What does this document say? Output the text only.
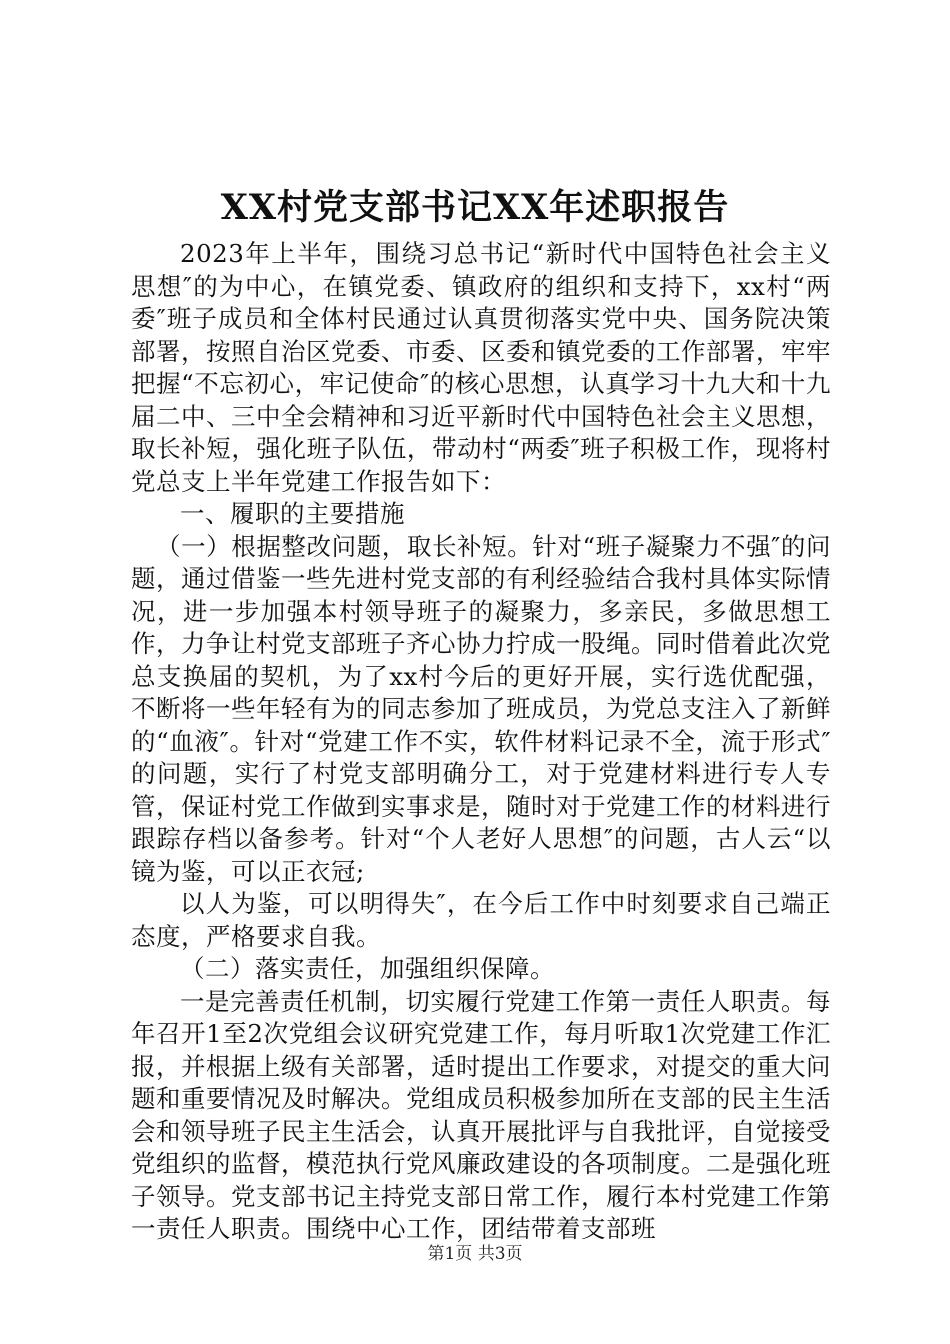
XX村党支部书记XX年述职报告

2023年上半年，围绕习总书记“新时代中国特色社会主义思想″的为中心，在镇党委、镇政府的组织和支持下，xx村“两委″班子成员和全体村民通过认真贯彻落实党中央、国务院决策部署，按照自治区党委、市委、区委和镇党委的工作部署，牢牢把握“不忘初心，牢记使命″的核心思想，认真学习十九大和十九届二中、三中全会精神和习近平新时代中国特色社会主义思想，取长补短，强化班子队伍，带动村“两委″班子积极工作，现将村党总支上半年党建工作报告如下：

一、履职的主要措施

（一）根据整改问题，取长补短。针对“班子凝聚力不强″的问题，通过借鉴一些先进村党支部的有利经验结合我村具体实际情况，进一步加强本村领导班子的凝聚力，多亲民，多做思想工作，力争让村党支部班子齐心协力拧成一股绳。同时借着此次党总支换届的契机，为了xx村今后的更好开展，实行选优配强，不断将一些年轻有为的同志参加了班成员，为党总支注入了新鲜的“血液″。针对“党建工作不实，软件材料记录不全，流于形式″的问题，实行了村党支部明确分工，对于党建材料进行专人专管，保证村党工作做到实事求是，随时对于党建工作的材料进行跟踪存档以备参考。针对“个人老好人思想″的问题，古人云“以镜为鉴，可以正衣冠;

以人为鉴，可以明得失″，在今后工作中时刻要求自己端正态度，严格要求自我。

（二）落实责任，加强组织保障。

一是完善责任机制，切实履行党建工作第一责任人职责。每年召开1至2次党组会议研究党建工作，每月听取1次党建工作汇报，并根据上级有关部署，适时提出工作要求，对提交的重大问题和重要情况及时解决。党组成员积极参加所在支部的民主生活会和领导班子民主生活会，认真开展批评与自我批评，自觉接受党组织的监督，模范执行党风廉政建设的各项制度。二是强化班子领导。党支部书记主持党支部日常工作，履行本村党建工作第一责任人职责。围绕中心工作，团结带着支部班

第1页 共3页
